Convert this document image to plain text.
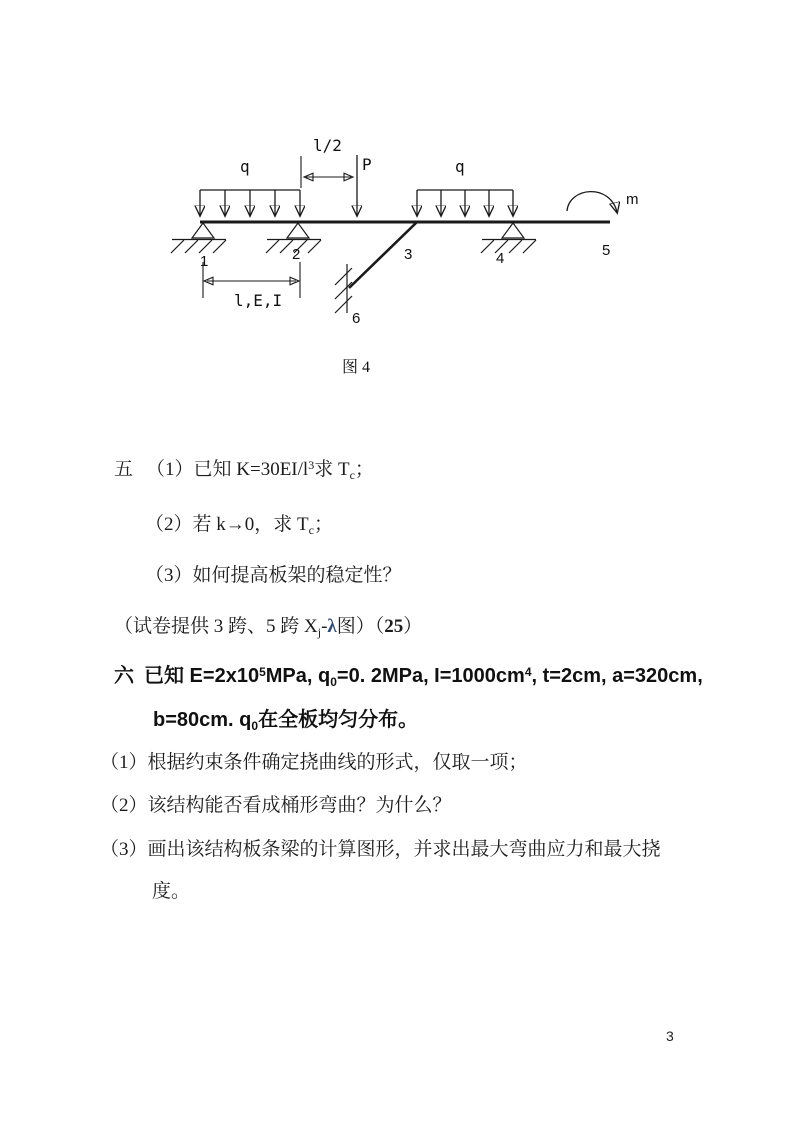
q	q
P
l/2
l,E,I
m
1	2	3	4	5
6
图 4
五 （1）已知 $K=30EI/l^3$求 $T_c$；
（2）若 k→0，求 $T_c$；
（3）如何提高板架的稳定性？
（试卷提供 3 跨、5 跨 $X_j-\lambda$图）（25）
六 已知 $E=2x10^5MPa$, $q_0=0$. 2MPa, $I=1000cm^4$, t=2cm, a=320cm,
b=80cm. $q_0$在全板均匀分布。
（1）根据约束条件确定挠曲线的形式，仅取一项；
（2）该结构能否看成桶形弯曲？为什么？
（3）画出该结构板条梁的计算图形，并求出最大弯曲应力和最大挠
度。
3
